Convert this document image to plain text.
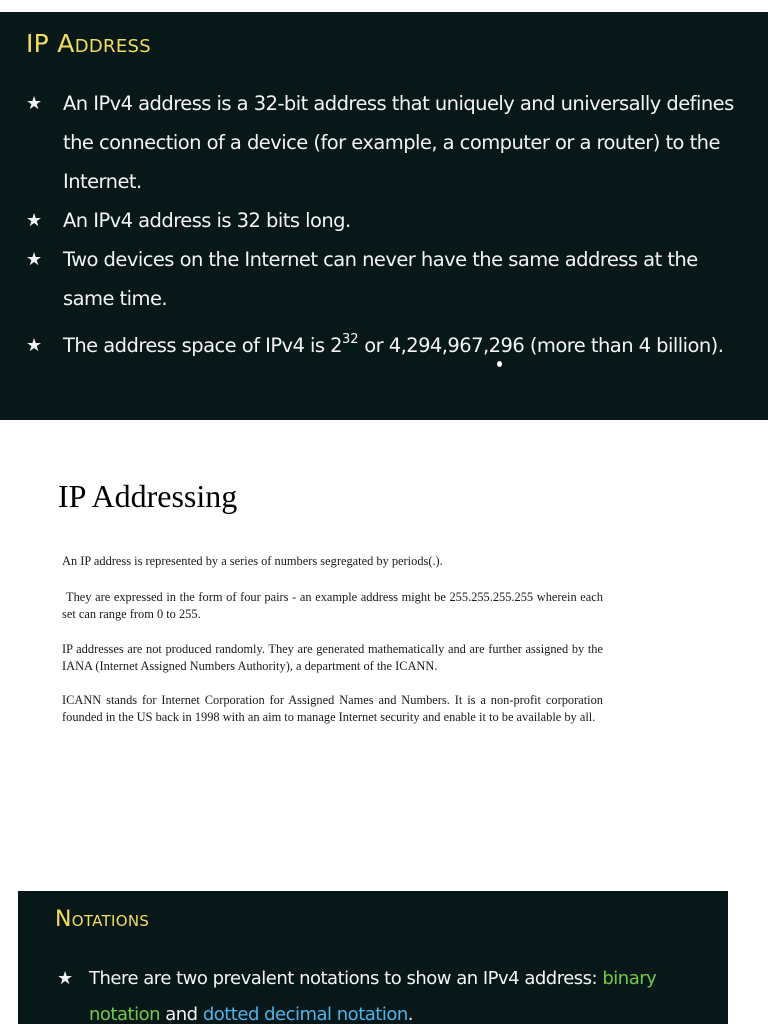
IP Address
★ An IPv4 address is a 32-bit address that uniquely and universally defines the connection of a device (for example, a computer or a router) to the Internet.
★ An IPv4 address is 32 bits long.
★ Two devices on the Internet can never have the same address at the same time.
★ The address space of IPv4 is $2^{32}$ or 4,294,967,296 (more than 4 billion).
IP Addressing

An IP address is represented by a series of numbers segregated by periods(.).

They are expressed in the form of four pairs - an example address might be 255.255.255.255 wherein each set can range from 0 to 255.

IP addresses are not produced randomly. They are generated mathematically and are further assigned by the IANA (Internet Assigned Numbers Authority), a department of the ICANN.

ICANN stands for Internet Corporation for Assigned Names and Numbers. It is a non-profit corporation founded in the US back in 1998 with an aim to manage Internet security and enable it to be available by all.

Notations
★ There are two prevalent notations to show an IPv4 address: binary notation and dotted decimal notation.
